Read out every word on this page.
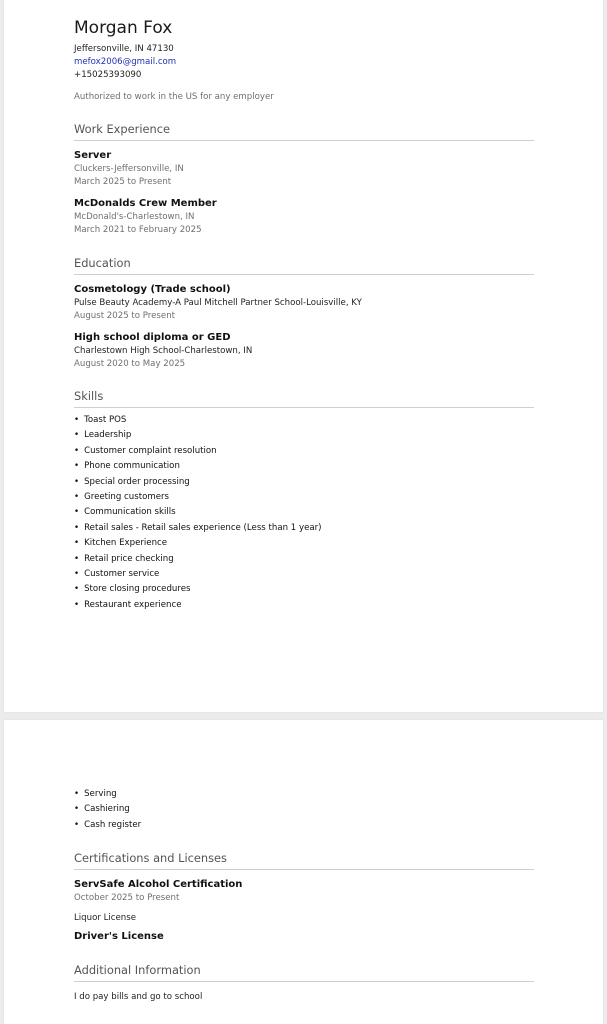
Morgan Fox
Jeffersonville, IN 47130
mefox2006@gmail.com
+15025393090
Authorized to work in the US for any employer
Work Experience
Server
Cluckers-Jeffersonville, IN
March 2025 to Present
McDonalds Crew Member
McDonald's-Charlestown, IN
March 2021 to February 2025
Education
Cosmetology (Trade school)
Pulse Beauty Academy-A Paul Mitchell Partner School-Louisville, KY
August 2025 to Present
High school diploma or GED
Charlestown High School-Charlestown, IN
August 2020 to May 2025
Skills
• Toast POS
• Leadership
• Customer complaint resolution
• Phone communication
• Special order processing
• Greeting customers
• Communication skills
• Retail sales - Retail sales experience (Less than 1 year)
• Kitchen Experience
• Retail price checking
• Customer service
• Store closing procedures
• Restaurant experience
• Serving
• Cashiering
• Cash register
Certifications and Licenses
ServSafe Alcohol Certification
October 2025 to Present
Liquor License
Driver's License
Additional Information
I do pay bills and go to school
